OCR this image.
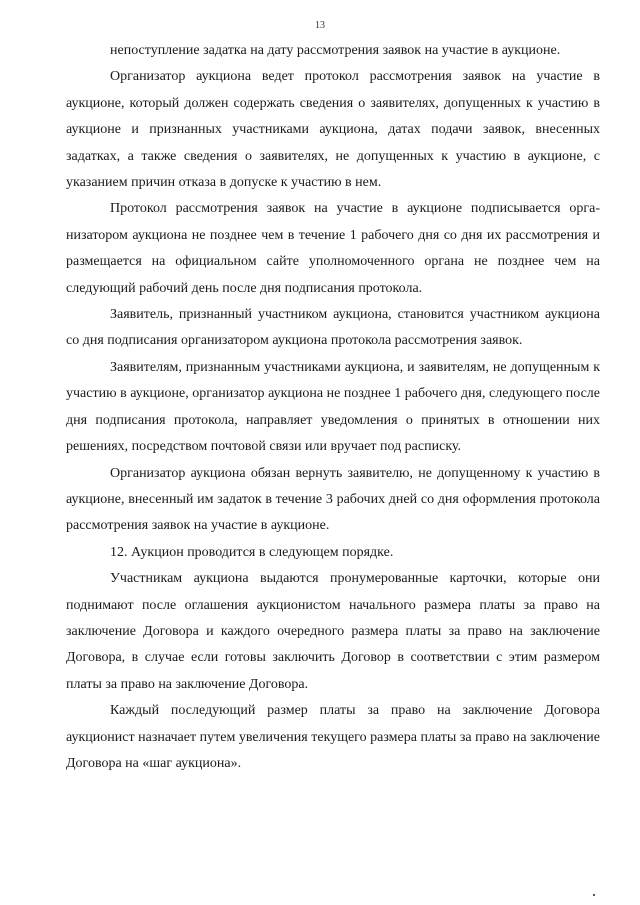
13

непоступление задатка на дату рассмотрения заявок на участие в аукционе.

Организатор аукциона ведет протокол рассмотрения заявок на участие в аукционе, который должен содержать сведения о заявителях, допущенных к участию в аукционе и признанных участниками аукциона, датах подачи заявок, внесенных задатках, а также сведения о заявителях, не допущенных к участию в аукционе, с указанием причин отказа в допуске к участию в нем.

Протокол рассмотрения заявок на участие в аукционе подписывается организатором аукциона не позднее чем в течение 1 рабочего дня со дня их рассмотрения и размещается на официальном сайте уполномоченного органа не позднее чем на следующий рабочий день после дня подписания протокола.

Заявитель, признанный участником аукциона, становится участником аукциона со дня подписания организатором аукциона протокола рассмотрения заявок.

Заявителям, признанным участниками аукциона, и заявителям, не допущенным к участию в аукционе, организатор аукциона не позднее 1 рабочего дня, следующего после дня подписания протокола, направляет уведомления о принятых в отношении них решениях, посредством почтовой связи или вручает под расписку.

Организатор аукциона обязан вернуть заявителю, не допущенному к участию в аукционе, внесенный им задаток в течение 3 рабочих дней со дня оформления протокола рассмотрения заявок на участие в аукционе.

12. Аукцион проводится в следующем порядке.

Участникам аукциона выдаются пронумерованные карточки, которые они поднимают после оглашения аукционистом начального размера платы за право на заключение Договора и каждого очередного размера платы за право на заключение Договора, в случае если готовы заключить Договор в соответствии с этим размером платы за право на заключение Договора.

Каждый последующий размер платы за право на заключение Договора аукционист назначает путем увеличения текущего размера платы за право на заключение Договора на «шаг аукциона».
